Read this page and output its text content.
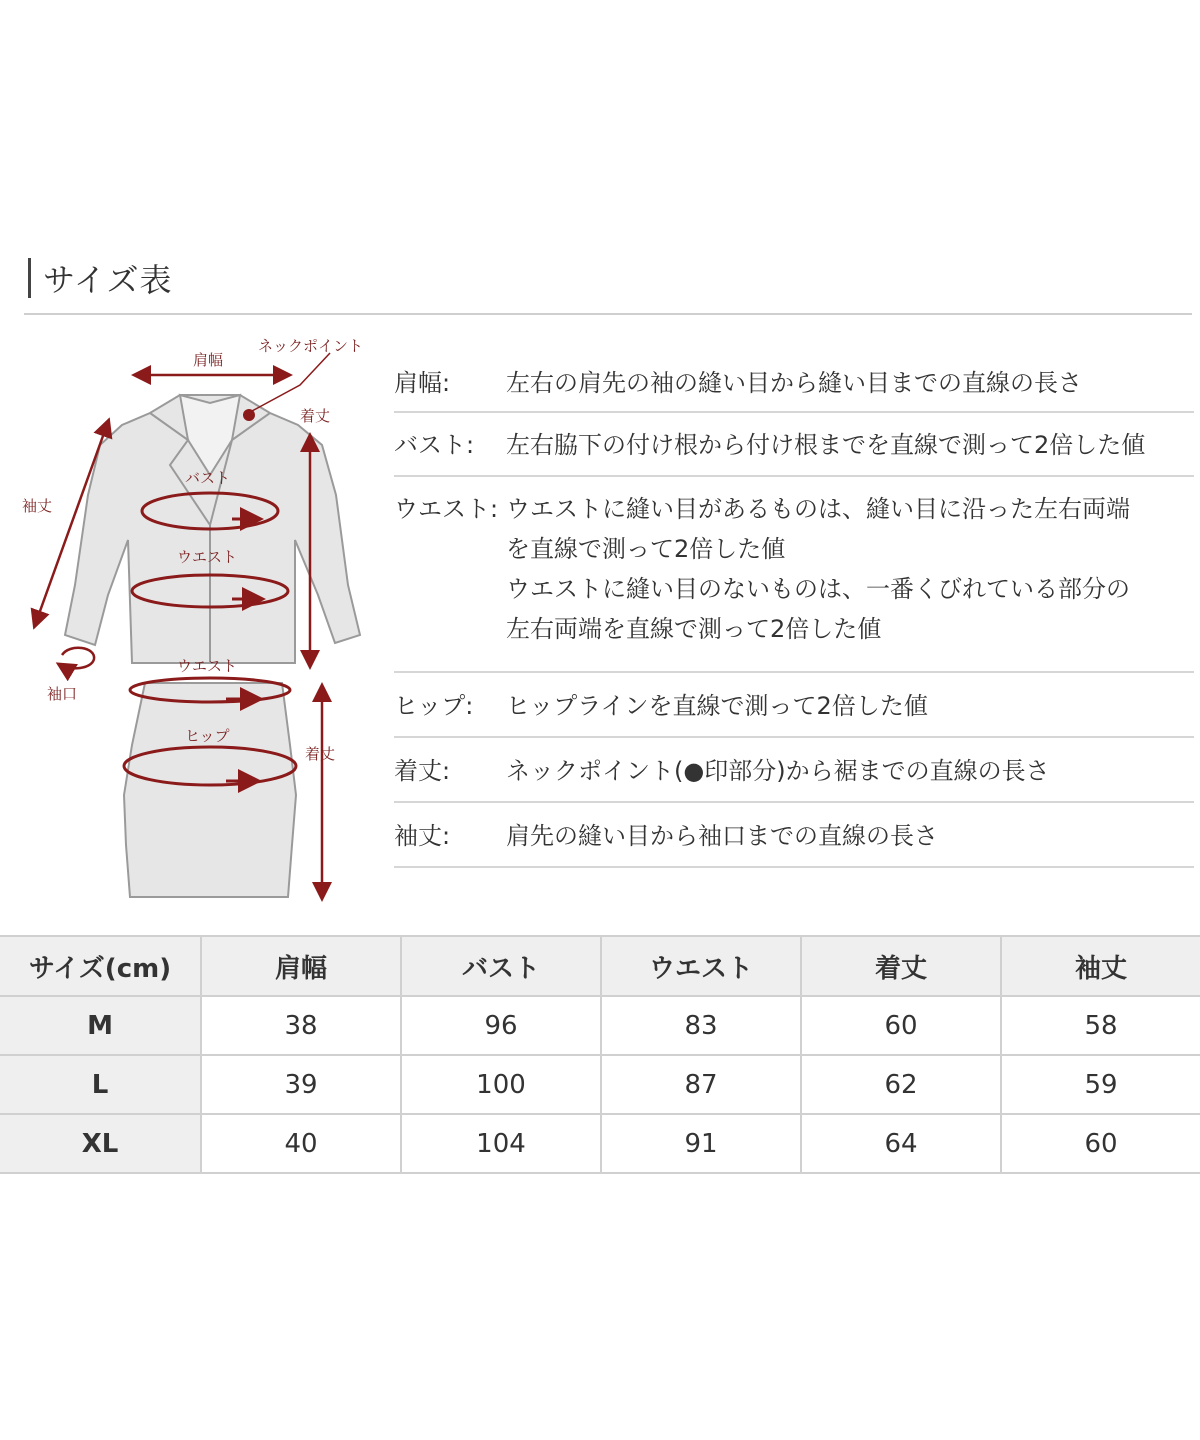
サイズ表
肩幅
ネックポイント
着丈
袖丈
バスト
ウエスト
袖口
ウエスト
ヒップ
着丈
肩幅:	左右の肩先の袖の縫い目から縫い目までの直線の長さ
バスト:	左右脇下の付け根から付け根までを直線で測って2倍した値
ウエスト: ウエストに縫い目があるものは、縫い目に沿った左右両端
を直線で測って2倍した値
ウエストに縫い目のないものは、一番くびれている部分の
左右両端を直線で測って2倍した値
ヒップ:	ヒップラインを直線で測って2倍した値
着丈:	ネックポイント(●印部分)から裾までの直線の長さ
袖丈:	肩先の縫い目から袖口までの直線の長さ
サイズ(cm)	肩幅	バスト	ウエスト	着丈	袖丈
M	38	96	83	60	58
L	39	100	87	62	59
XL	40	104	91	64	60
